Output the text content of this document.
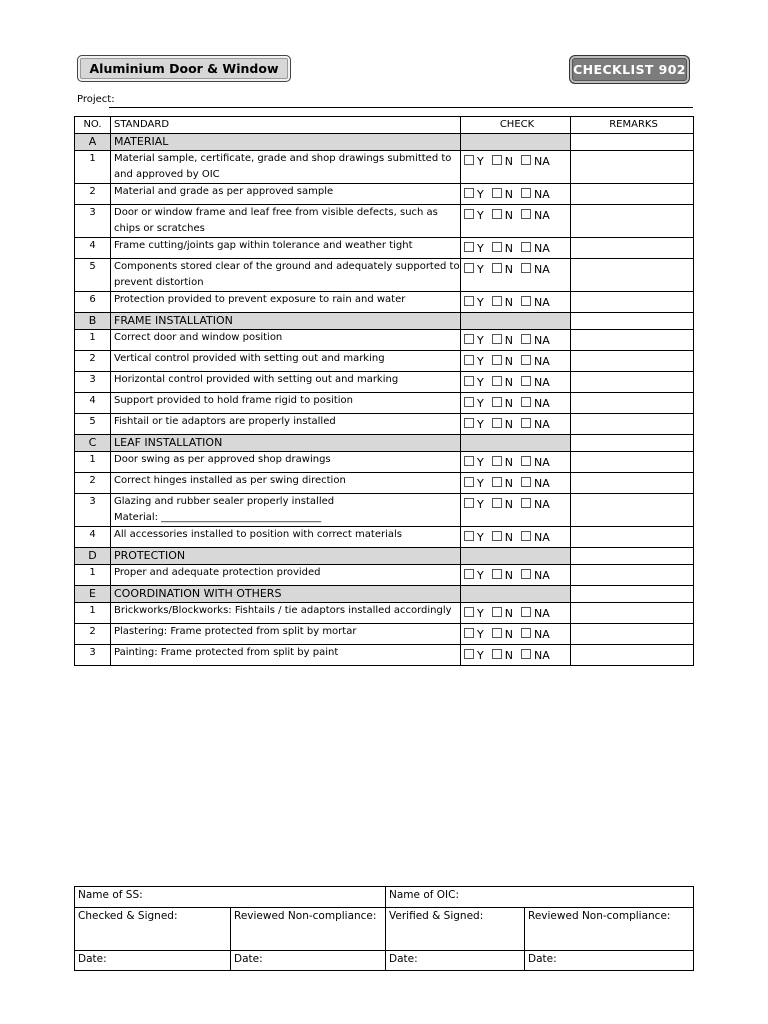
Aluminium Door & Window	CHECKLIST 902
Project:
NO.	STANDARD	CHECK	REMARKS
A	MATERIAL		
1	Material sample, certificate, grade and shop drawings submitted to and approved by OIC	Y N NA	

2	Material and grade as per approved sample	Y N NA	

3	Door or window frame and leaf free from visible defects, such as chips or scratches	Y N NA	

4	Frame cutting/joints gap within tolerance and weather tight	Y N NA	

5	Components stored clear of the ground and adequately supported to prevent distortion	Y N NA	

6	Protection provided to prevent exposure to rain and water	Y N NA	

B	FRAME INSTALLATION		
1	Correct door and window position	Y N NA	

2	Vertical control provided with setting out and marking	Y N NA	

3	Horizontal control provided with setting out and marking	Y N NA	

4	Support provided to hold frame rigid to position	Y N NA	

5	Fishtail or tie adaptors are properly installed	Y N NA	

C	LEAF INSTALLATION		
1	Door swing as per approved shop drawings	Y N NA	

2	Correct hinges installed as per swing direction	Y N NA	

3	Glazing and rubber sealer properly installed
Material: ________________________________	Y N NA	

4	All accessories installed to position with correct materials	Y N NA	

D	PROTECTION		
1	Proper and adequate protection provided	Y N NA	

E	COORDINATION WITH OTHERS		
1	Brickworks/Blockworks: Fishtails / tie adaptors installed accordingly	Y N NA	

2	Plastering: Frame protected from split by mortar	Y N NA	

3	Painting: Frame protected from split by paint	Y N NA	

Name of SS:		Name of OIC:	
Checked & Signed:	Reviewed Non-compliance:	Verified & Signed:	Reviewed Non-compliance:
Date:	Date:	Date:	Date:
